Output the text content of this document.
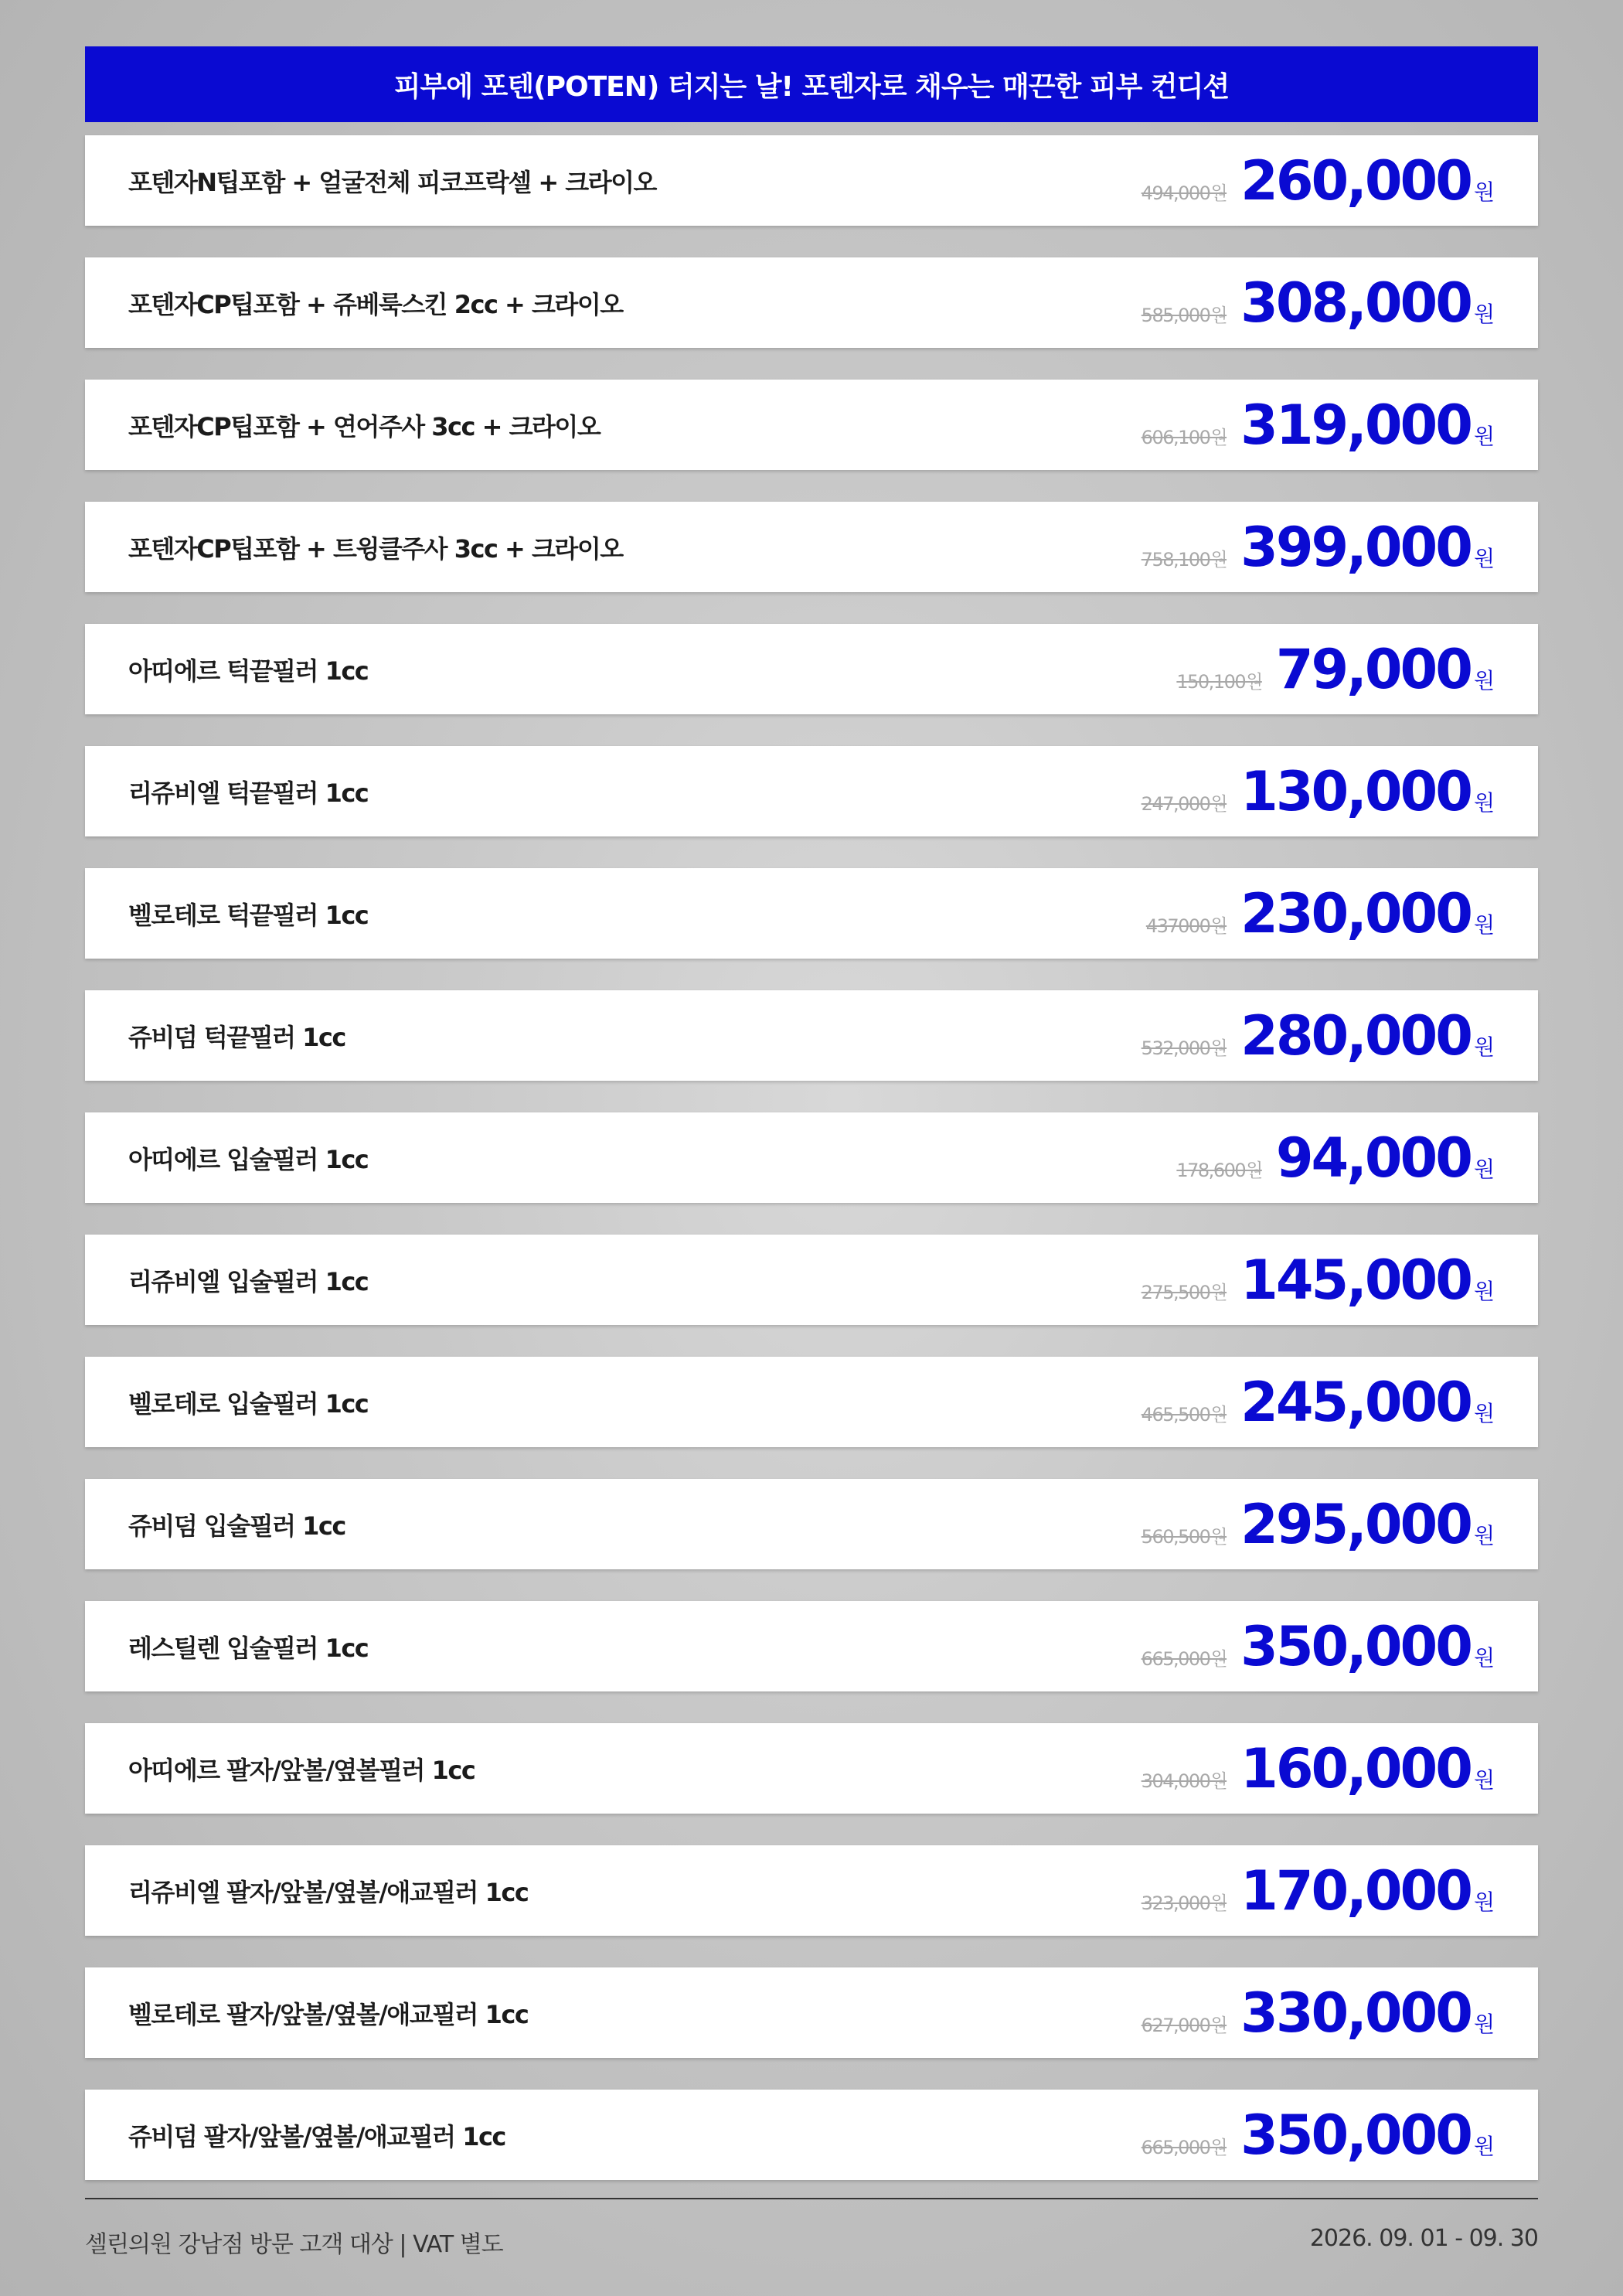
피부에 포텐(POTEN) 터지는 날! 포텐자로 채우는 매끈한 피부 컨디션
포텐자N팁포함 + 얼굴전체 피코프락셀 + 크라이오	494,000원 260,000 원
포텐자CP팁포함 + 쥬베룩스킨 2cc + 크라이오	585,000원 308,000 원
포텐자CP팁포함 + 연어주사 3cc + 크라이오	606,100원 319,000 원
포텐자CP팁포함 + 트윙클주사 3cc + 크라이오	758,100원 399,000 원
아띠에르 턱끝필러 1cc	150,100원 79,000 원
리쥬비엘 턱끝필러 1cc	247,000원 130,000 원
벨로테로 턱끝필러 1cc	437000원 230,000 원
쥬비덤 턱끝필러 1cc	532,000원 280,000 원
아띠에르 입술필러 1cc	178,600원 94,000 원
리쥬비엘 입술필러 1cc	275,500원 145,000 원
벨로테로 입술필러 1cc	465,500원 245,000 원
쥬비덤 입술필러 1cc	560,500원 295,000 원
레스틸렌 입술필러 1cc	665,000원 350,000 원
아띠에르 팔자/앞볼/옆볼필러 1cc	304,000원 160,000 원
리쥬비엘 팔자/앞볼/옆볼/애교필러 1cc	323,000원 170,000 원
벨로테로 팔자/앞볼/옆볼/애교필러 1cc	627,000원 330,000 원
쥬비덤 팔자/앞볼/옆볼/애교필러 1cc	665,000원 350,000 원
셀린의원 강남점 방문 고객 대상 | VAT 별도	2026. 09. 01 - 09. 30
